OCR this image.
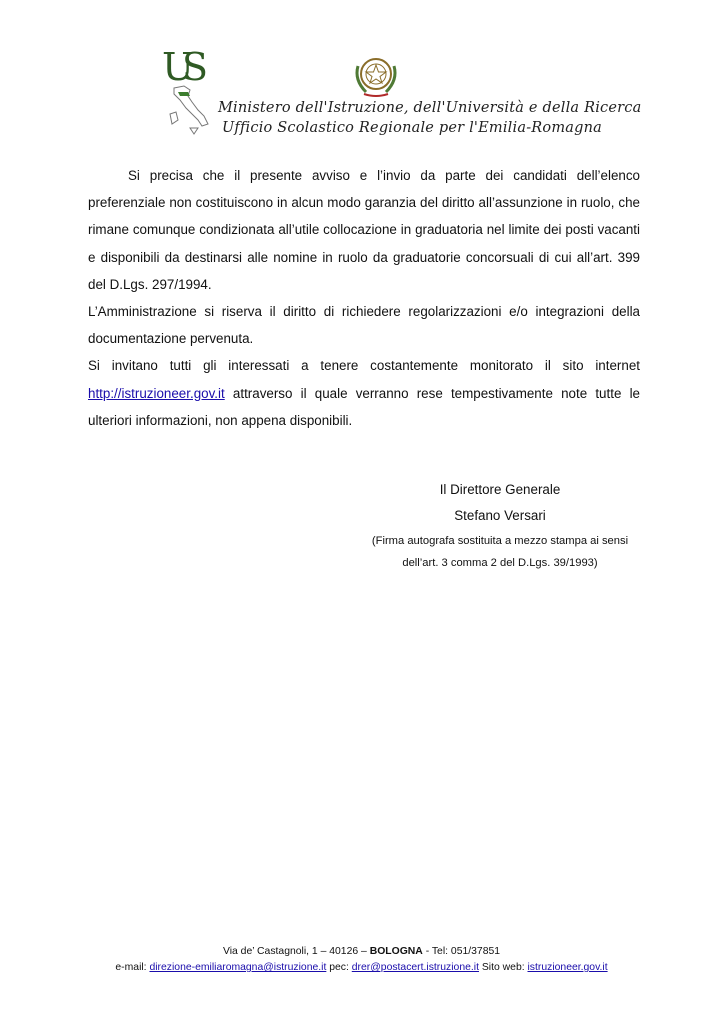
US
Ministero dell'Istruzione, dell'Università e della Ricerca
Ufficio Scolastico Regionale per l'Emilia-Romagna

Si precisa che il presente avviso e l’invio da parte dei candidati dell’elenco preferenziale non costituiscono in alcun modo garanzia del diritto all’assunzione in ruolo, che rimane comunque condizionata all’utile collocazione in graduatoria nel limite dei posti vacanti e disponibili da destinarsi alle nomine in ruolo da graduatorie concorsuali di cui all’art. 399 del D.Lgs. 297/1994.

L’Amministrazione si riserva il diritto di richiedere regolarizzazioni e/o integrazioni della documentazione pervenuta.

Si invitano tutti gli interessati a tenere costantemente monitorato il sito internet http://istruzioneer.gov.it attraverso il quale verranno rese tempestivamente note tutte le ulteriori informazioni, non appena disponibili.

Il Direttore Generale
Stefano Versari
(Firma autografa sostituita a mezzo stampa ai sensi
dell’art. 3 comma 2 del D.Lgs. 39/1993)
Via de’ Castagnoli, 1 – 40126 – BOLOGNA - Tel: 051/37851
e-mail: direzione-emiliaromagna@istruzione.it pec: drer@postacert.istruzione.it Sito web: istruzioneer.gov.it
